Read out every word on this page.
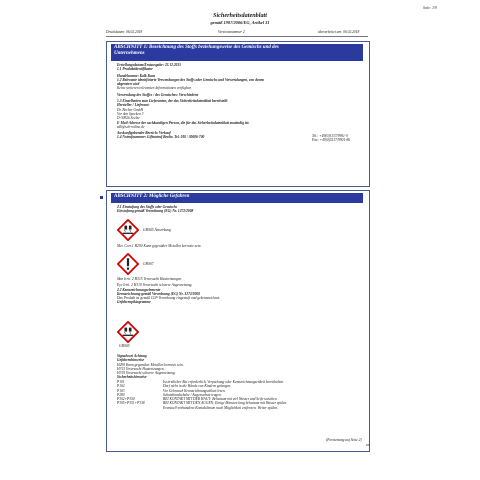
Seite: 1/9
Sicherheitsdatenblatt
gemäß 1907/2006/EG, Artikel 31
Druckdatum: 06.02.2018	Versionsnummer 2	überarbeitet am: 06.02.2018
ABSCHNITT 1: Bezeichnung des Stoffs beziehungsweise des Gemischs und des
Unternehmens
Erstellungsdatum/Erstausgabe: 23.12.2015
1.1 Produktidentifikator
Handelsname: Kalk Raus
1.2 Relevante identifizierte Verwendungen des Stoffs oder Gemischs und Verwendungen, von denen
abgeraten wird
Keine weiteren relevanten Informationen verfügbar.
Verwendung des Stoffes / des Gemisches: Verschiedene
1.3 Einzelheiten zum Lieferanten, der das Sicherheitsdatenblatt bereitstellt
Hersteller / Lieferant:
Dr. Becher GmbH
Vor den Specken 3
D-30926 Seelze
E-Mail-Adresse der sachkundigen Person, die für das Sicherheitsdatenblatt zuständig ist:
sdb@sch-online.de
Auskunftgebender Bereich: Verkauf
1.4 Notrufnummer: Giftnotruf Berlin. Tel. 030 / 30686-700	Tel.: +49(0)5137/9901-0
Fax: +49(0)5137/9901-86
ABSCHNITT 2: Mögliche Gefahren
2.1 Einstufung des Stoffs oder Gemischs
Einstufung gemäß Verordnung (EG) Nr. 1272/2008
GHS05 Ätzwirkung
Met. Corr.1 H290 Kann gegenüber Metallen korrosiv sein.
GHS07
Skin Irrit. 2 H315 Verursacht Hautreizungen.
Eye Irrit. 2 H319 Verursacht schwere Augenreizung.
2.2 Kennzeichnungselemente
Kennzeichnung gemäß Verordnung (EG) Nr. 1272/2008
Das Produkt ist gemäß CLP-Verordnung eingestuft und gekennzeichnet.
Gefahrenpiktogramme
GHS05
Signalwort Achtung
Gefahrenhinweise
H290 Kann gegenüber Metallen korrosiv sein.
H315 Verursacht Hautreizungen.
H319 Verursacht schwere Augenreizung.
Sicherheitshinweise
P101	Ist ärztlicher Rat erforderlich, Verpackung oder Kennzeichnungsetikett bereithalten.
P102	Darf nicht in die Hände von Kindern gelangen.
P103	Vor Gebrauch Kennzeichnungsetikett lesen.
P280	Schutzhandschuhe / Augenschutz tragen.
P302+P350	BEI KONTAKT MIT DER HAUT: Behutsam mit viel Wasser und Seife waschen.
P305+P351+P338	BEI KONTAKT MIT DEN AUGEN: Einige Minuten lang behutsam mit Wasser spülen.
Eventuell vorhandene Kontaktlinsen nach Möglichkeit entfernen. Weiter spülen.
(Fortsetzung auf Seite 2)
DE
